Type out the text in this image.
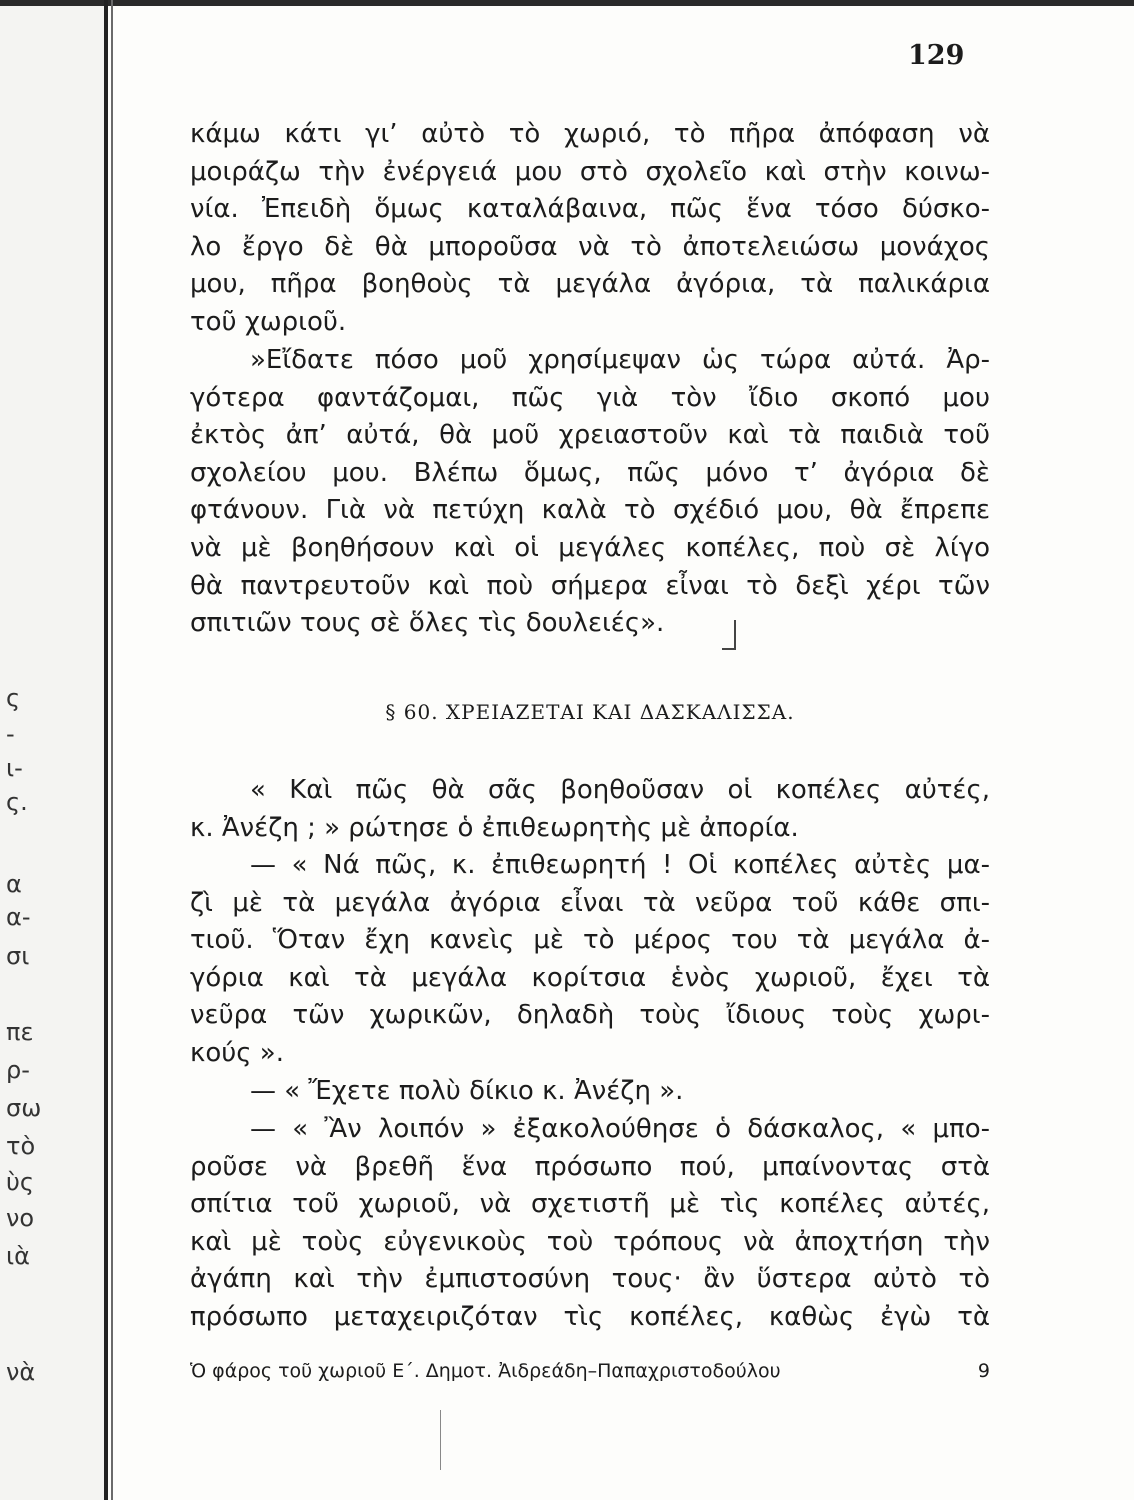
ς
-
ι-
ς.
α
α-
σι
πε
ρ-
σω
τὸ
ὺς
νο
ιὰ
νὰ
129
κάμω κάτι γι’ αὐτὸ τὸ χωριό, τὸ πῆρα ἀπόφαση νὰ
μοιράζω τὴν ἐνέργειά μου στὸ σχολεῖο καὶ στὴν κοινω-
νία. Ἐπειδὴ ὅμως καταλάβαινα, πῶς ἕνα τόσο δύσκο-
λο ἔργο δὲ θὰ μποροῦσα νὰ τὸ ἀποτελειώσω μονάχος
μου, πῆρα βοηθοὺς τὰ μεγάλα ἀγόρια, τὰ παλικάρια
τοῦ χωριοῦ.
»Εἴδατε πόσο μοῦ χρησίμεψαν ὡς τώρα αὐτά. Ἀρ-
γότερα φαντάζομαι, πῶς γιὰ τὸν ἴδιο σκοπό μου
ἐκτὸς ἀπ’ αὐτά, θὰ μοῦ χρειαστοῦν καὶ τὰ παιδιὰ τοῦ
σχολείου μου. Βλέπω ὅμως, πῶς μόνο τ’ ἀγόρια δὲ
φτάνουν. Γιὰ νὰ πετύχη καλὰ τὸ σχέδιό μου, θὰ ἔπρεπε
νὰ μὲ βοηθήσουν καὶ οἱ μεγάλες κοπέλες, ποὺ σὲ λίγο
θὰ παντρευτοῦν καὶ ποὺ σήμερα εἶναι τὸ δεξὶ χέρι τῶν
σπιτιῶν τους σὲ ὅλες τὶς δουλειές».
§ 60. ΧΡΕΙΑΖΕΤΑΙ ΚΑΙ ΔΑΣΚΑΛΙΣΣΑ.
« Καὶ πῶς θὰ σᾶς βοηθοῦσαν οἱ κοπέλες αὐτές,
κ. Ἀνέζη ; » ρώτησε ὁ ἐπιθεωρητὴς μὲ ἀπορία.
— « Νά πῶς, κ. ἐπιθεωρητή ! Οἱ κοπέλες αὐτὲς μα-
ζὶ μὲ τὰ μεγάλα ἀγόρια εἶναι τὰ νεῦρα τοῦ κάθε σπι-
τιοῦ. Ὅταν ἔχη κανεὶς μὲ τὸ μέρος του τὰ μεγάλα ἀ-
γόρια καὶ τὰ μεγάλα κορίτσια ἑνὸς χωριοῦ, ἔχει τὰ
νεῦρα τῶν χωρικῶν, δηλαδὴ τοὺς ἴδιους τοὺς χωρι-
κούς ».
— « Ἔχετε πολὺ δίκιο κ. Ἀνέζη ».
— « Ἂν λοιπόν » ἐξακολούθησε ὁ δάσκαλος, « μπο-
ροῦσε νὰ βρεθῆ ἕνα πρόσωπο πού, μπαίνοντας στὰ
σπίτια τοῦ χωριοῦ, νὰ σχετιστῆ μὲ τὶς κοπέλες αὐτές,
καὶ μὲ τοὺς εὐγενικοὺς τοὺ τρόπους νὰ ἀποχτήση τὴν
ἀγάπη καὶ τὴν ἐμπιστοσύνη τους· ἂν ὕστερα αὐτὸ τὸ
πρόσωπο μεταχειριζόταν τὶς κοπέλες, καθὼς ἐγὼ τὰ
Ὁ φάρος τοῦ χωριοῦ Ε΄. Δημοτ. Ἀιδρεάδη–Παπαχριστοδούλου	9
